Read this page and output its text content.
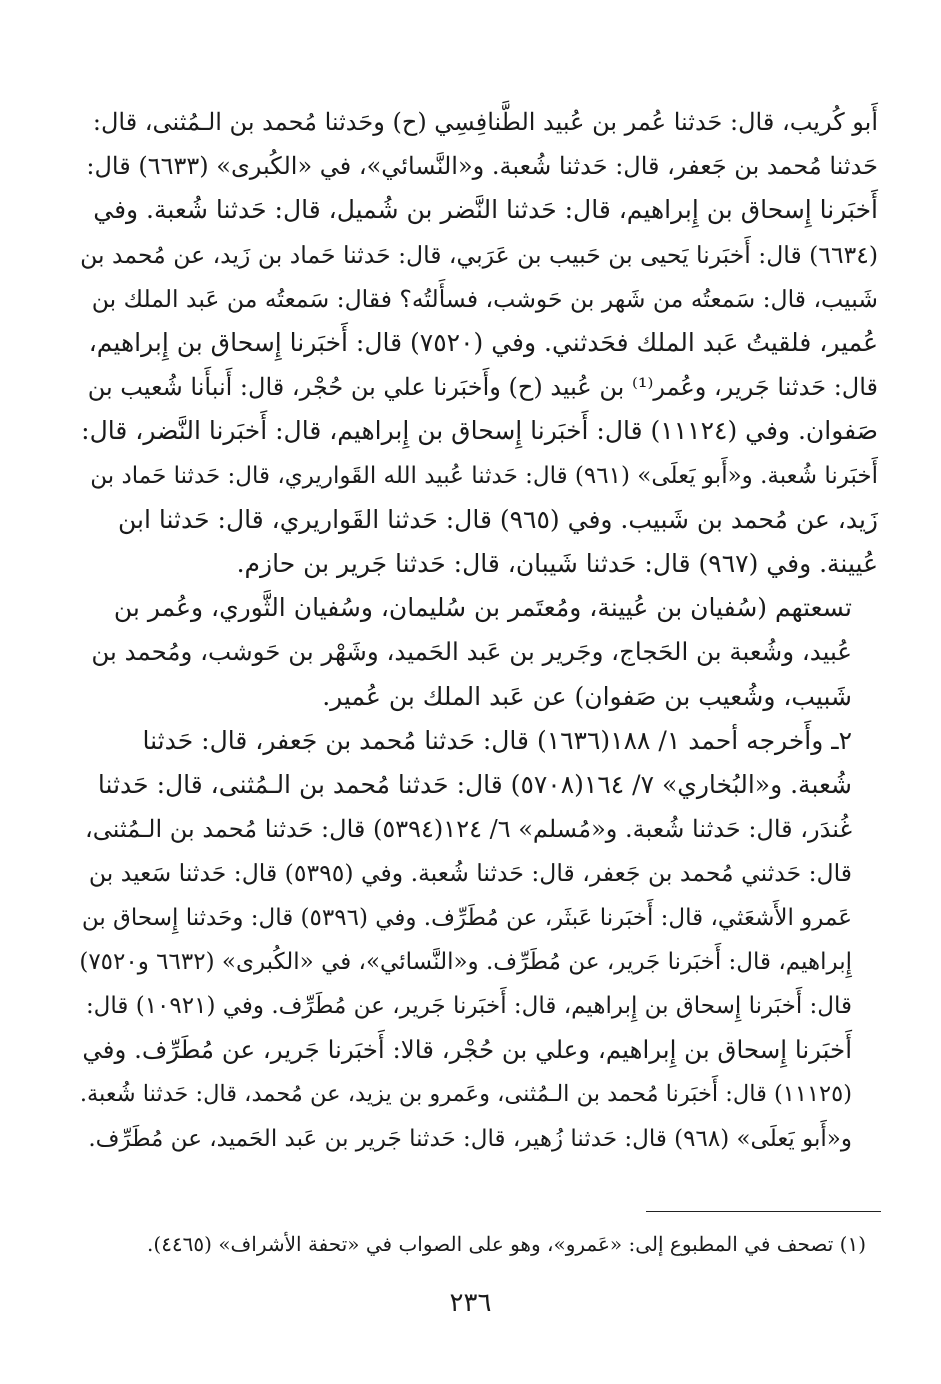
أَبو كُريب، قال: حَدثنا عُمر بن عُبيد الطَّنافِسِي (ح) وحَدثنا مُحمد بن الـمُثنى، قال:
حَدثنا مُحمد بن جَعفر، قال: حَدثنا شُعبة. و«النَّسائي»، في «الكُبرى» (٦٦٣٣) قال:
أَخبَرنا إِسحاق بن إِبراهيم، قال: حَدثنا النَّضر بن شُميل، قال: حَدثنا شُعبة. وفي
(٦٦٣٤) قال: أَخبَرنا يَحيى بن حَبيب بن عَرَبي، قال: حَدثنا حَماد بن زَيد، عن مُحمد بن
شَبيب، قال: سَمعتُه من شَهر بن حَوشب، فسأَلتُه؟ فقال: سَمعتُه من عَبد الملك بن
عُمير، فلقيتُ عَبد الملك فحَدثني. وفي (٧٥٢٠) قال: أَخبَرنا إِسحاق بن إِبراهيم،
قال: حَدثنا جَرير، وعُمر⁽¹⁾ بن عُبيد (ح) وأَخبَرنا علي بن حُجْر، قال: أَنبأَنا شُعيب بن
صَفوان. وفي (١١١٢٤) قال: أَخبَرنا إِسحاق بن إِبراهيم، قال: أَخبَرنا النَّضر، قال:
أَخبَرنا شُعبة. و«أَبو يَعلَى» (٩٦١) قال: حَدثنا عُبيد الله القَواريري، قال: حَدثنا حَماد بن
زَيد، عن مُحمد بن شَبيب. وفي (٩٦٥) قال: حَدثنا القَواريري، قال: حَدثنا ابن
عُيينة. وفي (٩٦٧) قال: حَدثنا شَيبان، قال: حَدثنا جَرير بن حازم.

تسعتهم (سُفيان بن عُيينة، ومُعتَمر بن سُليمان، وسُفيان الثَّوري، وعُمر بن
عُبيد، وشُعبة بن الحَجاج، وجَرير بن عَبد الحَميد، وشَهْر بن حَوشب، ومُحمد بن
شَبيب، وشُعيب بن صَفوان) عن عَبد الملك بن عُمير.

٢ـ وأَخرجه أحمد ١/ ١٨٨(١٦٣٦) قال: حَدثنا مُحمد بن جَعفر، قال: حَدثنا
شُعبة. و«البُخاري» ٧/ ١٦٤(٥٧٠٨) قال: حَدثنا مُحمد بن الـمُثنى، قال: حَدثنا
غُندَر، قال: حَدثنا شُعبة. و«مُسلم» ٦/ ١٢٤(٥٣٩٤) قال: حَدثنا مُحمد بن الـمُثنى،
قال: حَدثني مُحمد بن جَعفر، قال: حَدثنا شُعبة. وفي (٥٣٩٥) قال: حَدثنا سَعيد بن
عَمرو الأَشعَثي، قال: أَخبَرنا عَبثَر، عن مُطَرِّف. وفي (٥٣٩٦) قال: وحَدثنا إِسحاق بن
إِبراهيم، قال: أَخبَرنا جَرير، عن مُطَرِّف. و«النَّسائي»، في «الكُبرى» (٦٦٣٢ و٧٥٢٠)
قال: أَخبَرنا إِسحاق بن إِبراهيم، قال: أَخبَرنا جَرير، عن مُطَرِّف. وفي (١٠٩٢١) قال:
أَخبَرنا إِسحاق بن إِبراهيم، وعلي بن حُجْر، قالا: أَخبَرنا جَرير، عن مُطَرِّف. وفي
(١١١٢٥) قال: أَخبَرنا مُحمد بن الـمُثنى، وعَمرو بن يزيد، عن مُحمد، قال: حَدثنا شُعبة.
و«أَبو يَعلَى» (٩٦٨) قال: حَدثنا زُهير، قال: حَدثنا جَرير بن عَبد الحَميد، عن مُطَرِّف.

(١) تصحف في المطبوع إلى: «عَمرو»، وهو على الصواب في «تحفة الأشراف» (٤٤٦٥).

٢٣٦
